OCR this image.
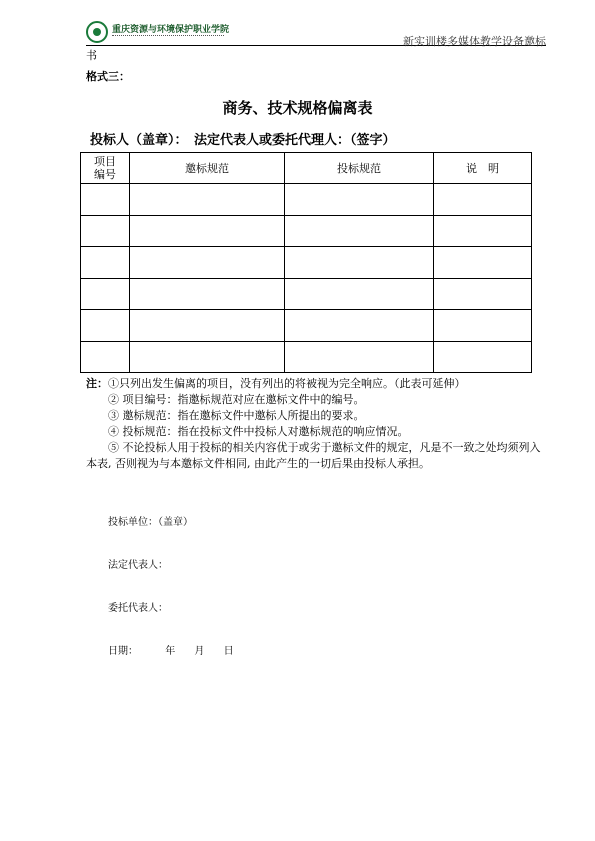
重庆资源与环境保护职业学院
新实训楼多媒体教学设备邀标
书
格式三：
商务、技术规格偏离表
投标人（盖章）：　法定代表人或委托代理人：（签字）
项目
编号	邀标规范	投标规范	说　明

注：①只列出发生偏离的项目，没有列出的将被视为完全响应。（此表可延伸）
② 项目编号：指邀标规范对应在邀标文件中的编号。
③ 邀标规范：指在邀标文件中邀标人所提出的要求。
④ 投标规范：指在投标文件中投标人对邀标规范的响应情况。
⑤ 不论投标人用于投标的相关内容优于或劣于邀标文件的规定，凡是不一致之处均须列入本表, 否则视为与本邀标文件相同, 由此产生的一切后果由投标人承担。
投标单位：（盖章）
法定代表人：
委托代表人：
日期：	年 月 日
